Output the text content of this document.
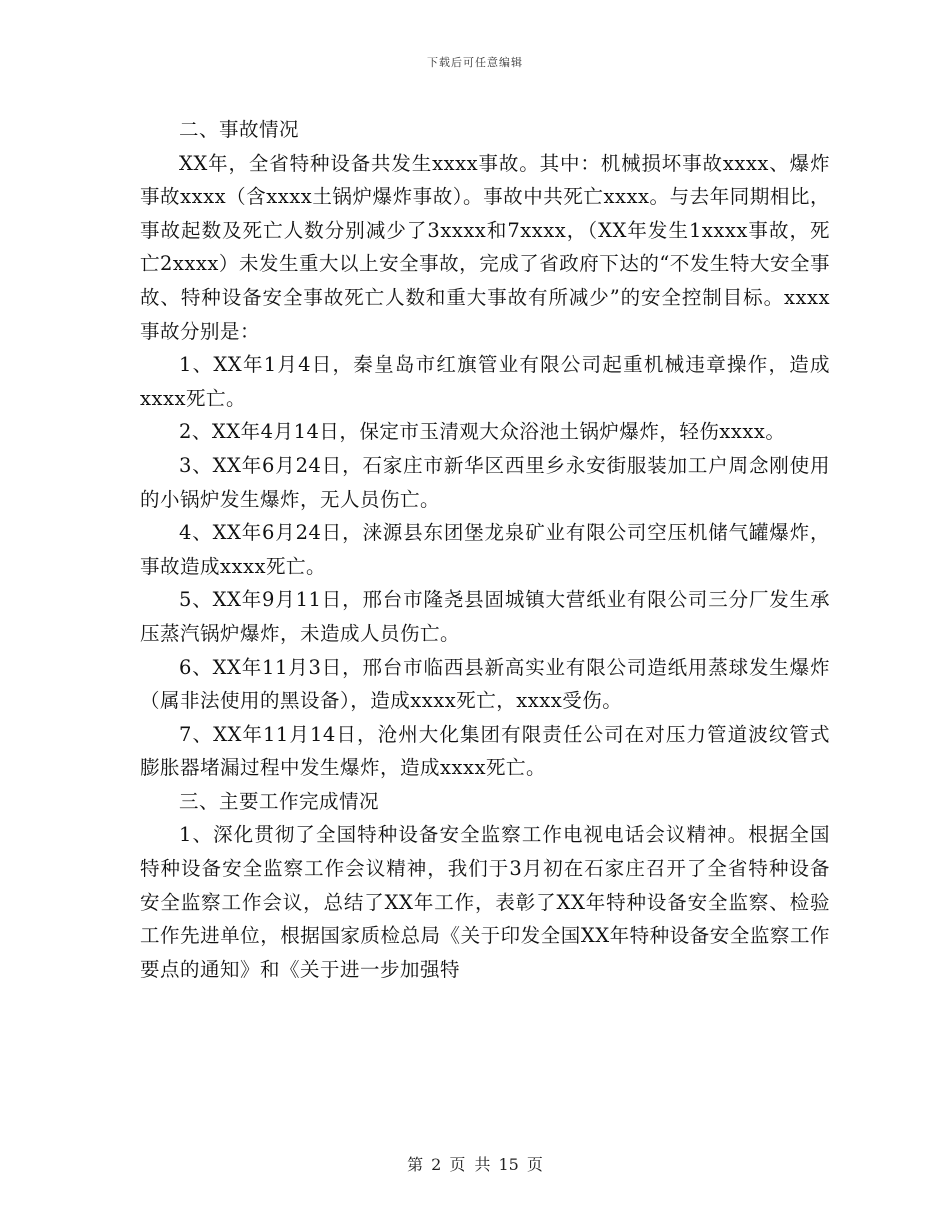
下载后可任意编辑

二、事故情况

XX年，全省特种设备共发生xxxx事故。其中：机械损坏事故xxxx、爆炸事故xxxx（含xxxx土锅炉爆炸事故）。事故中共死亡xxxx。与去年同期相比，事故起数及死亡人数分别减少了3xxxx和7xxxx，（XX年发生1xxxx事故，死亡2xxxx）未发生重大以上安全事故，完成了省政府下达的“不发生特大安全事故、特种设备安全事故死亡人数和重大事故有所减少”的安全控制目标。xxxx事故分别是：

1、XX年1月4日，秦皇岛市红旗管业有限公司起重机械违章操作，造成 xxxx死亡。

2、XX年4月14日，保定市玉清观大众浴池土锅炉爆炸，轻伤xxxx。

3、XX年6月24日，石家庄市新华区西里乡永安街服装加工户周念刚使用的小锅炉发生爆炸，无人员伤亡。

4、XX年6月24日，涞源县东团堡龙泉矿业有限公司空压机储气罐爆炸，事故造成xxxx死亡。

5、XX年9月11日，邢台市隆尧县固城镇大营纸业有限公司三分厂发生承压蒸汽锅炉爆炸，未造成人员伤亡。

6、XX年11月3日，邢台市临西县新高实业有限公司造纸用蒸球发生爆炸（属非法使用的黑设备），造成xxxx死亡，xxxx受伤。

7、XX年11月14日，沧州大化集团有限责任公司在对压力管道波纹管式膨胀器堵漏过程中发生爆炸，造成xxxx死亡。

三、主要工作完成情况

1、深化贯彻了全国特种设备安全监察工作电视电话会议精神。根据全国特种设备安全监察工作会议精神，我们于3月初在石家庄召开了全省特种设备安全监察工作会议，总结了XX年工作，表彰了XX年特种设备安全监察、检验工作先进单位，根据国家质检总局《关于印发全国XX年特种设备安全监察工作要点的通知》和《关于进一步加强特

第 2 页 共 15 页
